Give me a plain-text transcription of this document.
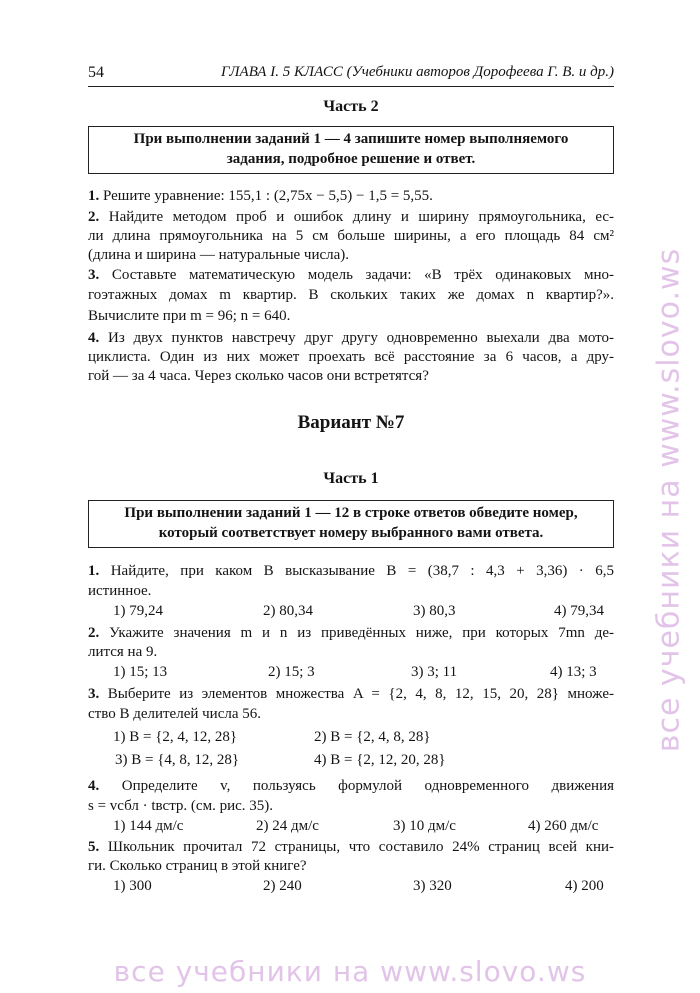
54	ГЛАВА I. 5 КЛАСС (Учебники авторов Дорофеева Г. В. и др.)
Часть 2
При выполнении заданий 1 — 4 запишите номер выполняемого
задания, подробное решение и ответ.
1. Решите уравнение: 155,1 : (2,75x − 5,5) − 1,5 = 5,55.
2. Найдите методом проб и ошибок длину и ширину прямоугольника, ес-
ли длина прямоугольника на 5 см больше ширины, а его площадь 84 см²
(длина и ширина — натуральные числа).
3. Составьте математическую модель задачи: «В трёх одинаковых мно-
гоэтажных домах m квартир. В скольких таких же домах n квартир?».
Вычислите при m = 96; n = 640.
4. Из двух пунктов навстречу друг другу одновременно выехали два мото-
циклиста. Один из них может проехать всё расстояние за 6 часов, а дру-
гой — за 4 часа. Через сколько часов они встретятся?
Вариант №7
Часть 1
При выполнении заданий 1 — 12 в строке ответов обведите номер,
который соответствует номеру выбранного вами ответа.
1. Найдите, при каком B высказывание B = (38,7 : 4,3 + 3,36) · 6,5
истинное.
1) 79,24	2) 80,34	3) 80,3	4) 79,34
2. Укажите значения m и n из приведённых ниже, при которых 7mn де-
лится на 9.
1) 15; 13	2) 15; 3	3) 3; 11	4) 13; 3
3. Выберите из элементов множества A = {2, 4, 8, 12, 15, 20, 28} множе-
ство B делителей числа 56.
1) B = {2, 4, 12, 28}	2) B = {2, 4, 8, 28}
3) B = {4, 8, 12, 28}	4) B = {2, 12, 20, 28}
4. Определите v, пользуясь формулой одновременного движения
s = vсбл · tвстр. (см. рис. 35).
1) 144 дм/с	2) 24 дм/с	3) 10 дм/с	4) 260 дм/с
5. Школьник прочитал 72 страницы, что составило 24% страниц всей кни-
ги. Сколько страниц в этой книге?
1) 300	2) 240	3) 320	4) 200
все учебники на www.slovo.ws
все учебники на www.slovo.ws
